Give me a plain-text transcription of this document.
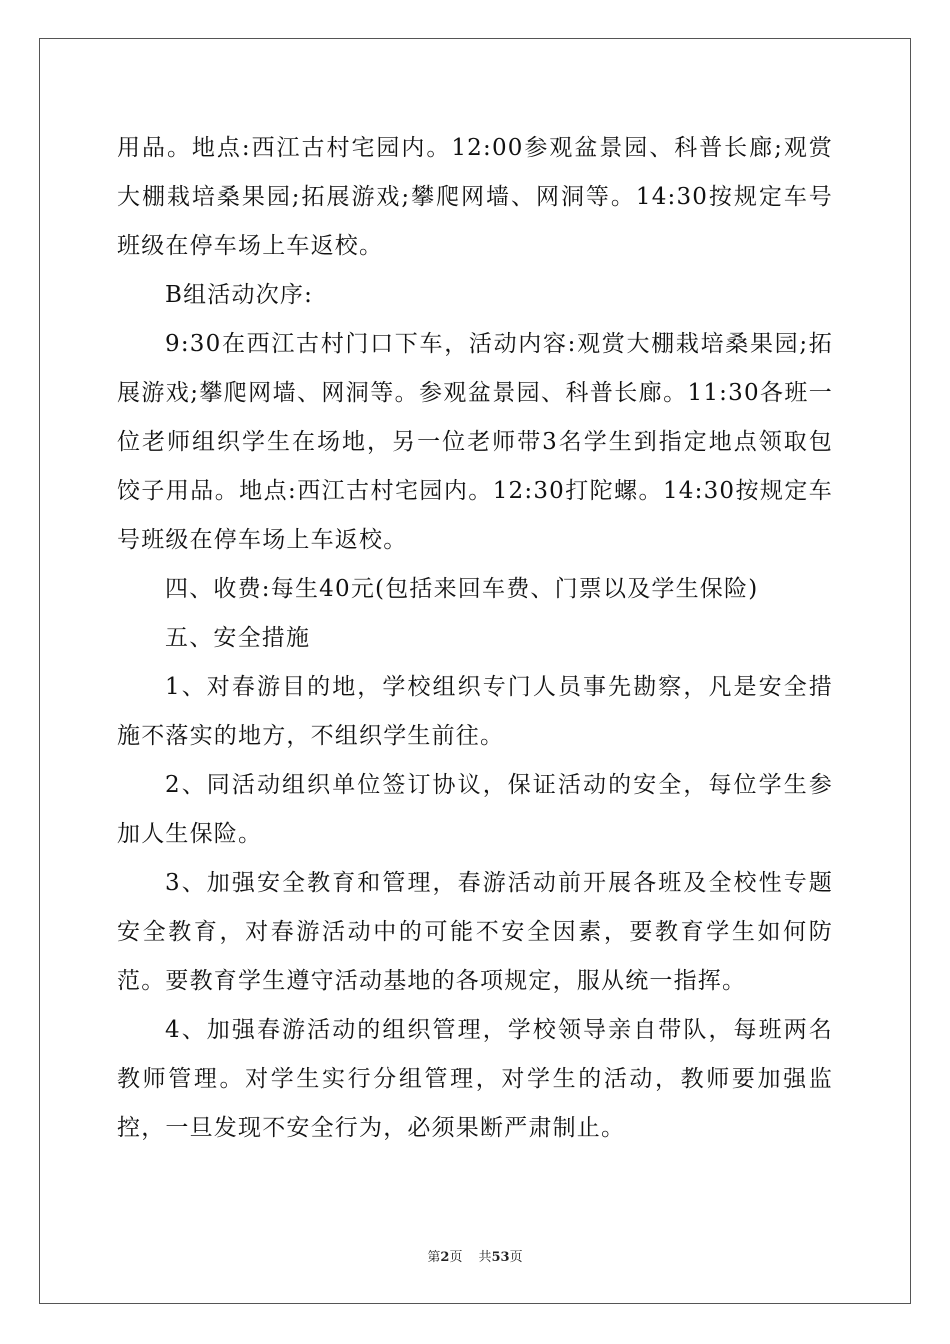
用品。地点:西江古村宅园内。12:00参观盆景园、科普长廊;观赏大棚栽培桑果园;拓展游戏;攀爬网墙、网洞等。14:30按规定车号班级在停车场上车返校。

B组活动次序:

9:30在西江古村门口下车，活动内容:观赏大棚栽培桑果园;拓展游戏;攀爬网墙、网洞等。参观盆景园、科普长廊。11:30各班一位老师组织学生在场地，另一位老师带3名学生到指定地点领取包饺子用品。地点:西江古村宅园内。12:30打陀螺。14:30按规定车号班级在停车场上车返校。

四、收费:每生40元(包括来回车费、门票以及学生保险)

五、安全措施

1、对春游目的地，学校组织专门人员事先勘察，凡是安全措施不落实的地方，不组织学生前往。

2、同活动组织单位签订协议，保证活动的安全，每位学生参加人生保险。

3、加强安全教育和管理，春游活动前开展各班及全校性专题安全教育，对春游活动中的可能不安全因素，要教育学生如何防范。要教育学生遵守活动基地的各项规定，服从统一指挥。

4、加强春游活动的组织管理，学校领导亲自带队，每班两名教师管理。对学生实行分组管理，对学生的活动，教师要加强监控，一旦发现不安全行为，必须果断严肃制止。

第2页 共53页
